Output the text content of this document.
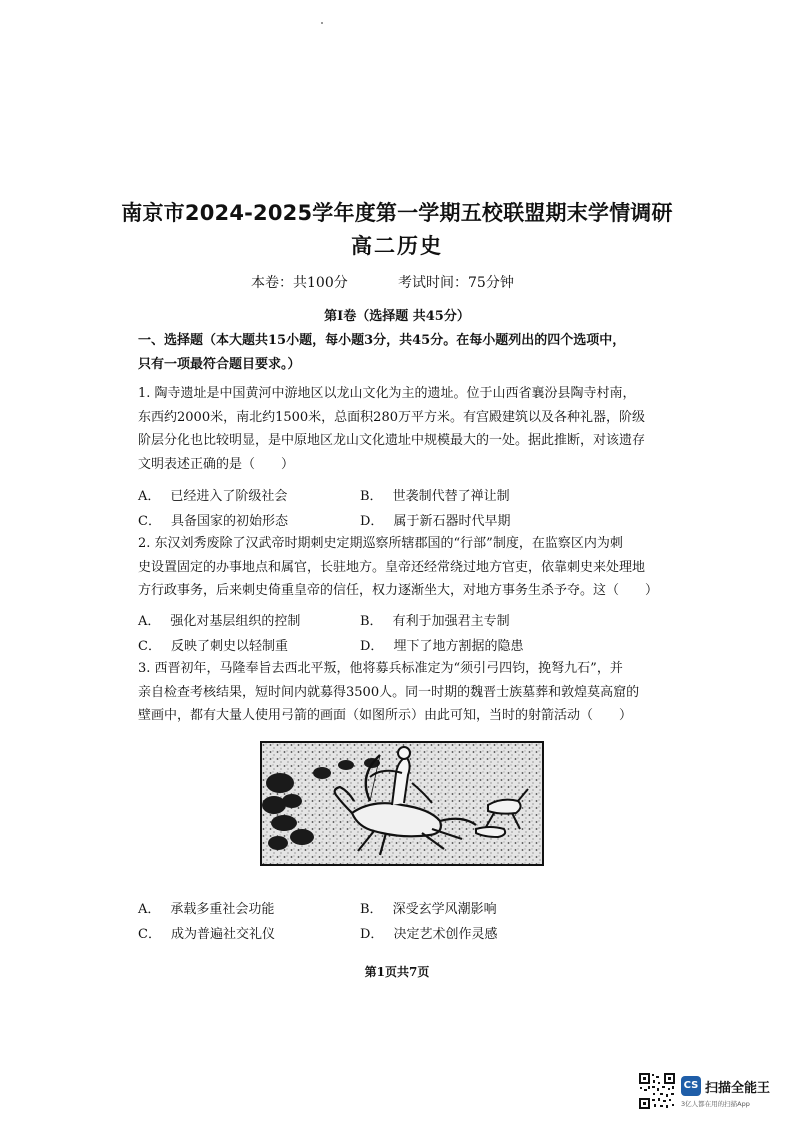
南京市2024-2025学年度第一学期五校联盟期末学情调研
高二历史
本卷：共100分	考试时间：75分钟
第Ⅰ卷（选择题 共45分）
一、选择题（本大题共15小题，每小题3分，共45分。在每小题列出的四个选项中，
只有一项最符合题目要求。）
1. 陶寺遗址是中国黄河中游地区以龙山文化为主的遗址。位于山西省襄汾县陶寺村南，
东西约2000米，南北约1500米，总面积280万平方米。有宫殿建筑以及各种礼器，阶级
阶层分化也比较明显，是中原地区龙山文化遗址中规模最大的一处。据此推断，对该遗存
文明表述正确的是（　　）
A． 已经进入了阶级社会	B． 世袭制代替了禅让制
C． 具备国家的初始形态	D． 属于新石器时代早期
2. 东汉刘秀废除了汉武帝时期刺史定期巡察所辖郡国的“行部”制度，在监察区内为刺
史设置固定的办事地点和属官，长驻地方。皇帝还经常绕过地方官吏，依靠刺史来处理地
方行政事务，后来刺史倚重皇帝的信任，权力逐渐坐大，对地方事务生杀予夺。这（　　）
A． 强化对基层组织的控制	B． 有利于加强君主专制
C． 反映了刺史以轻制重	D． 埋下了地方割据的隐患
3. 西晋初年，马隆奉旨去西北平叛，他将募兵标准定为“须引弓四钧，挽弩九石”，并
亲自检查考核结果，短时间内就募得3500人。同一时期的魏晋士族墓葬和敦煌莫高窟的
壁画中，都有大量人使用弓箭的画面（如图所示）由此可知，当时的射箭活动（　　）
A． 承载多重社会功能	B． 深受玄学风潮影响
C． 成为普遍社交礼仪	D． 决定艺术创作灵感
第1页共7页
CS 扫描全能王
3亿人都在用的扫描App
